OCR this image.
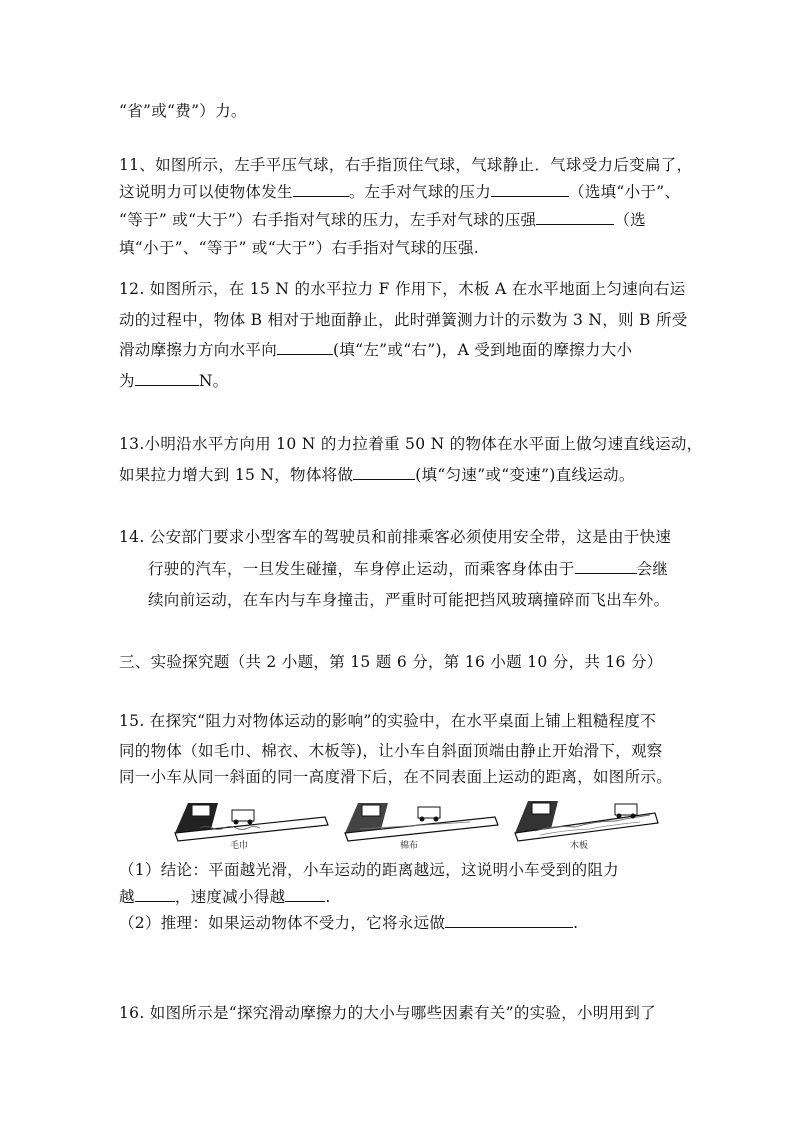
“省”或“费”）力。
11、如图所示，左手平压气球，右手指顶住气球，气球静止．气球受力后变扁了，
这说明力可以使物体发生	。左手对气球的压力	（选填“小于”、
“等于” 或“大于”）右手指对气球的压力，左手对气球的压强	（选
填“小于”、“等于” 或“大于”）右手指对气球的压强.
12. 如图所示，在 15 N 的水平拉力 F 作用下，木板 A 在水平地面上匀速向右运
动的过程中，物体 B 相对于地面静止，此时弹簧测力计的示数为 3 N，则 B 所受
滑动摩擦力方向水平向	(填“左”或“右”)，A 受到地面的摩擦力大小
为	N。
13.小明沿水平方向用 10 N 的力拉着重 50 N 的物体在水平面上做匀速直线运动，
如果拉力增大到 15 N，物体将做	(填“匀速”或“变速”)直线运动。
14. 公安部门要求小型客车的驾驶员和前排乘客必须使用安全带，这是由于快速
行驶的汽车，一旦发生碰撞，车身停止运动，而乘客身体由于	会继
续向前运动，在车内与车身撞击，严重时可能把挡风玻璃撞碎而飞出车外。
三、实验探究题（共 2 小题，第 15 题 6 分，第 16 小题 10 分，共 16 分）
15. 在探究“阻力对物体运动的影响”的实验中，在水平桌面上铺上粗糙程度不
同的物体（如毛巾、棉衣、木板等)，让小车自斜面顶端由静止开始滑下，观察
同一小车从同一斜面的同一高度滑下后，在不同表面上运动的距离，如图所示。
毛巾	棉布	木板
（1）结论：平面越光滑，小车运动的距离越远，这说明小车受到的阻力
越	，速度减小得越	.
（2）推理：如果运动物体不受力，它将永远做	.
16. 如图所示是“探究滑动摩擦力的大小与哪些因素有关”的实验，小明用到了
